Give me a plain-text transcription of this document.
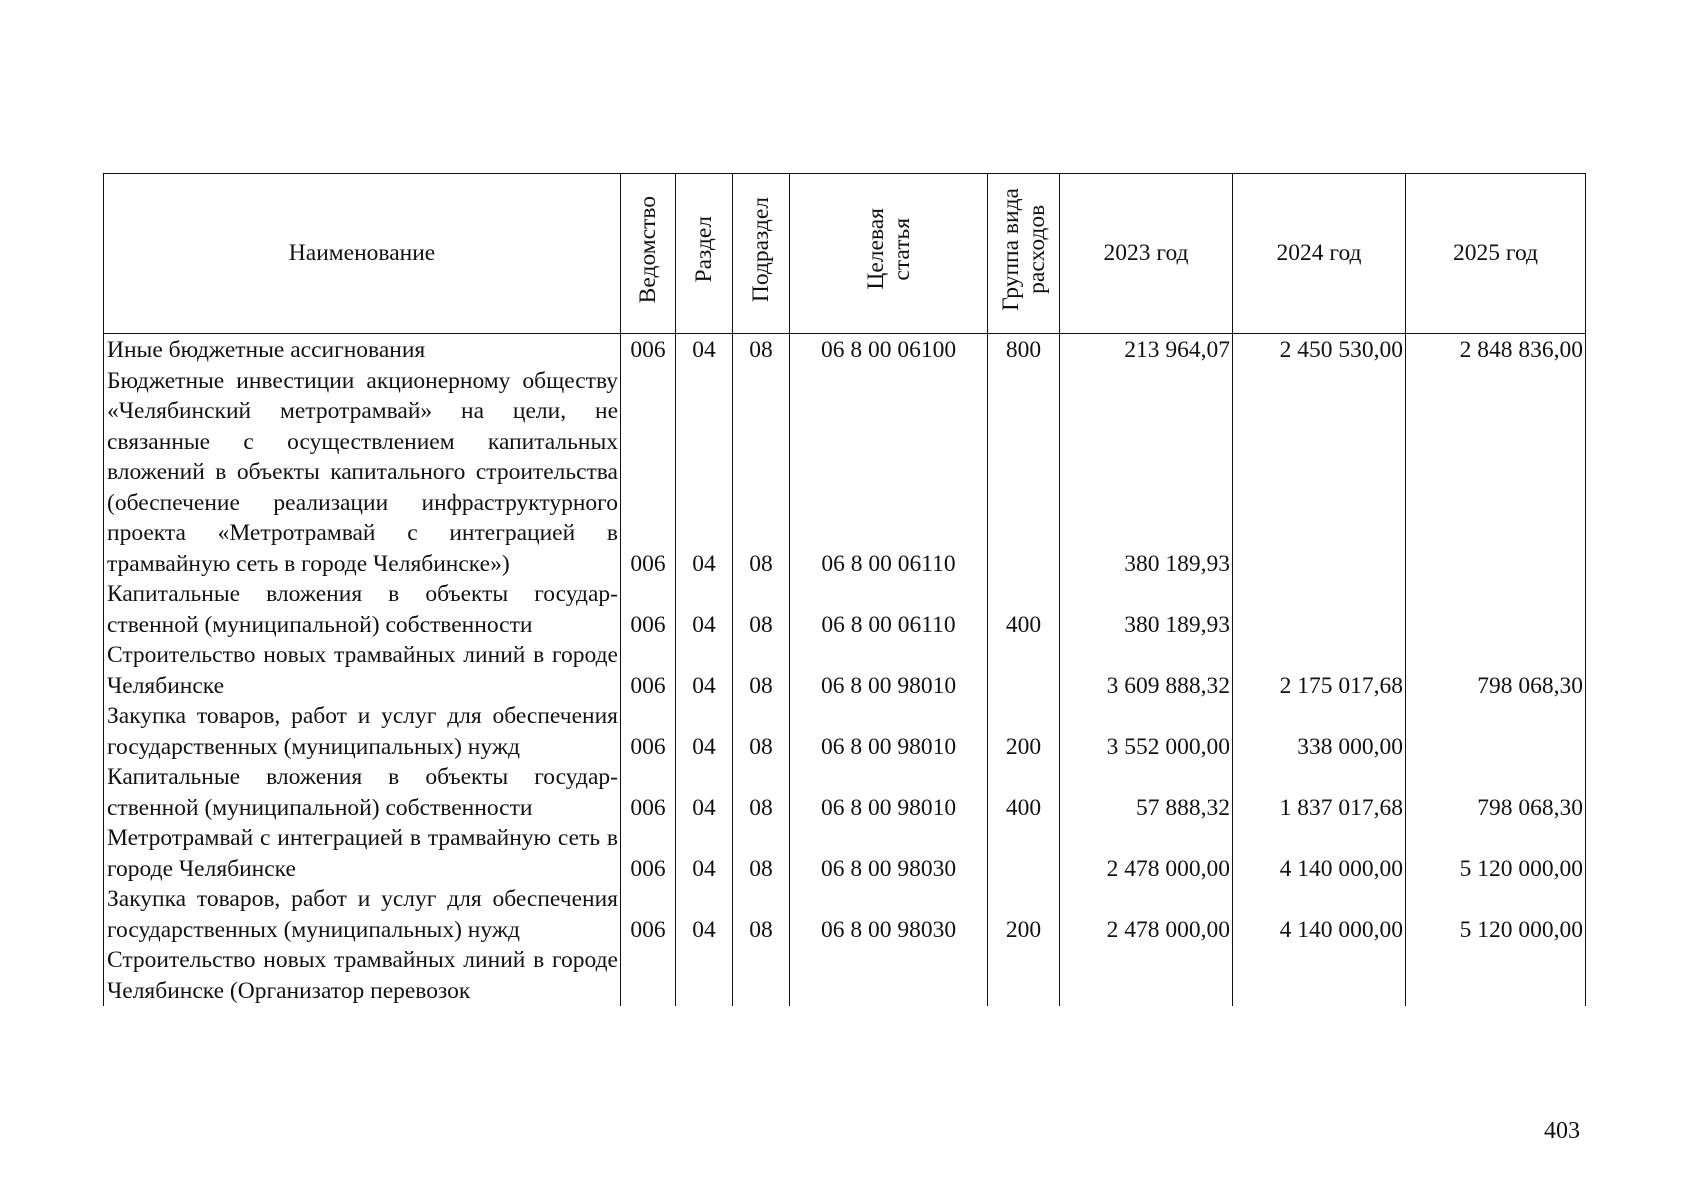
Наименование	Ведомство	Раздел	Подраздел	Целевая
статья	Группа вида
расходов	2023 год	2024 год	2025 год
Иные бюджетные ассигнования	006	04	08	06 8 00 06100	800	213 964,07	2 450 530,00	2 848 836,00
Бюджетные инвестиции акционерному обществу «Челябинский метротрамвай» на цели, не связанные с осуществлением капитальных вложений в объекты капитального строительства (обеспечение реализации инфраструктурного проекта «Метротрамвай с интеграцией в трамвайную сеть в городе Челябинске»)	006	04	08	06 8 00 06110		380 189,93		
Капитальные вложения в объекты государственной (муниципальной) собственности	006	04	08	06 8 00 06110	400	380 189,93		
Строительство новых трамвайных линий в городе Челябинске	006	04	08	06 8 00 98010		3 609 888,32	2 175 017,68	798 068,30
Закупка товаров, работ и услуг для обеспечения государственных (муниципальных) нужд	006	04	08	06 8 00 98010	200	3 552 000,00	338 000,00	
Капитальные вложения в объекты государственной (муниципальной) собственности	006	04	08	06 8 00 98010	400	57 888,32	1 837 017,68	798 068,30
Метротрамвай с интеграцией в трамвайную сеть в городе Челябинске	006	04	08	06 8 00 98030		2 478 000,00	4 140 000,00	5 120 000,00
Закупка товаров, работ и услуг для обеспечения государственных (муниципальных) нужд	006	04	08	06 8 00 98030	200	2 478 000,00	4 140 000,00	5 120 000,00
Строительство новых трамвайных линий в городе Челябинске (Организатор перевозок								
403
